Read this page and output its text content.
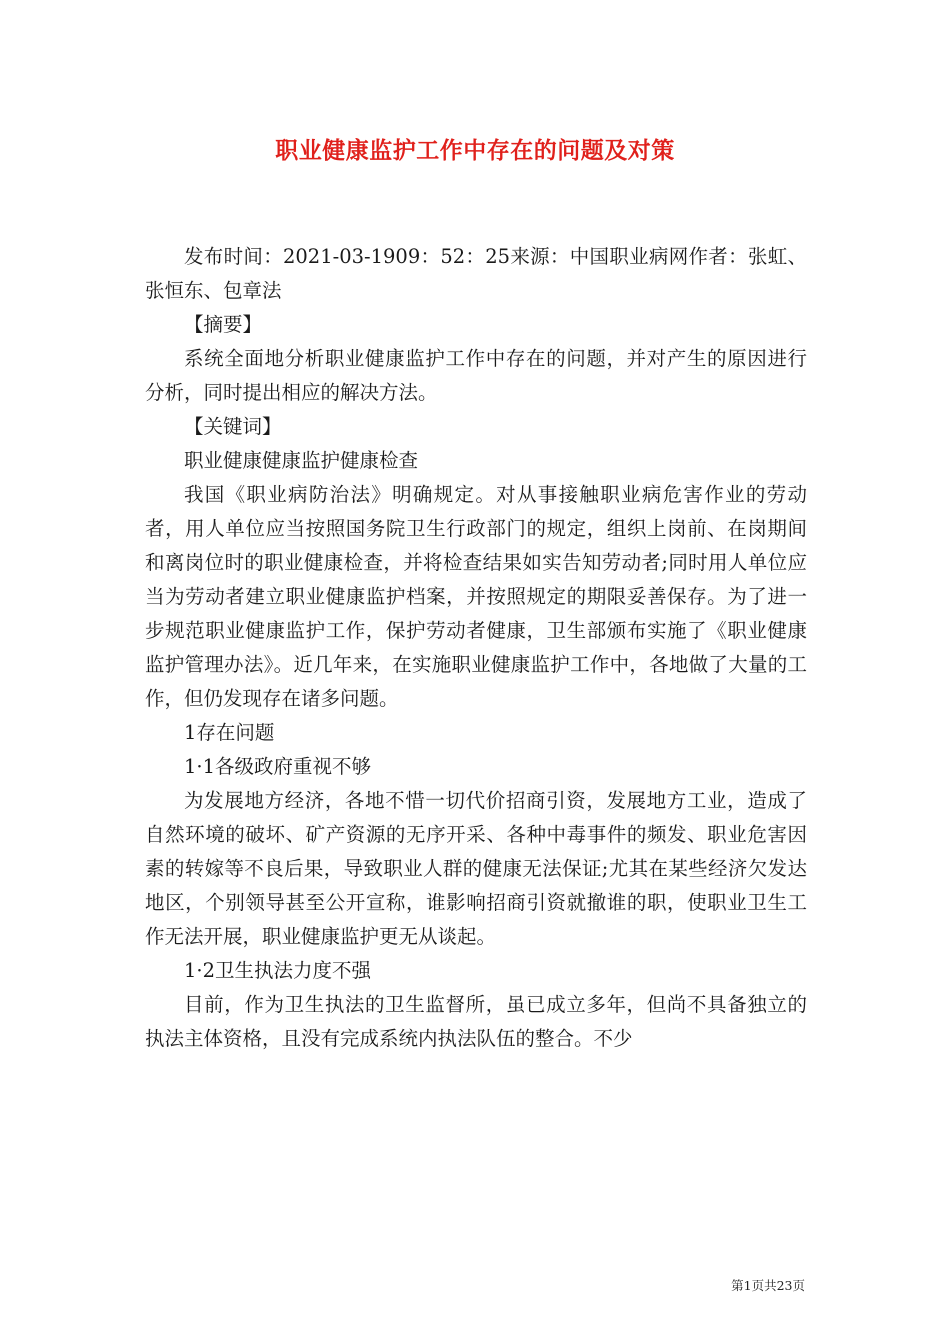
职业健康监护工作中存在的问题及对策

发布时间：2021-03-1909：52：25来源：中国职业病网作者：张虹、张恒东、包章法

【摘要】

系统全面地分析职业健康监护工作中存在的问题，并对产生的原因进行分析，同时提出相应的解决方法。

【关键词】

职业健康健康监护健康检查

我国《职业病防治法》明确规定。对从事接触职业病危害作业的劳动者，用人单位应当按照国务院卫生行政部门的规定，组织上岗前、在岗期间和离岗位时的职业健康检查，并将检查结果如实告知劳动者;同时用人单位应当为劳动者建立职业健康监护档案，并按照规定的期限妥善保存。为了进一步规范职业健康监护工作，保护劳动者健康，卫生部颁布实施了《职业健康监护管理办法》。近几年来，在实施职业健康监护工作中，各地做了大量的工作，但仍发现存在诸多问题。

1存在问题

1·1各级政府重视不够

为发展地方经济，各地不惜一切代价招商引资，发展地方工业，造成了自然环境的破坏、矿产资源的无序开采、各种中毒事件的频发、职业危害因素的转嫁等不良后果，导致职业人群的健康无法保证;尤其在某些经济欠发达地区，个别领导甚至公开宣称，谁影响招商引资就撤谁的职，使职业卫生工作无法开展，职业健康监护更无从谈起。

1·2卫生执法力度不强

目前，作为卫生执法的卫生监督所，虽已成立多年，但尚不具备独立的执法主体资格，且没有完成系统内执法队伍的整合。不少

第1页共23页
